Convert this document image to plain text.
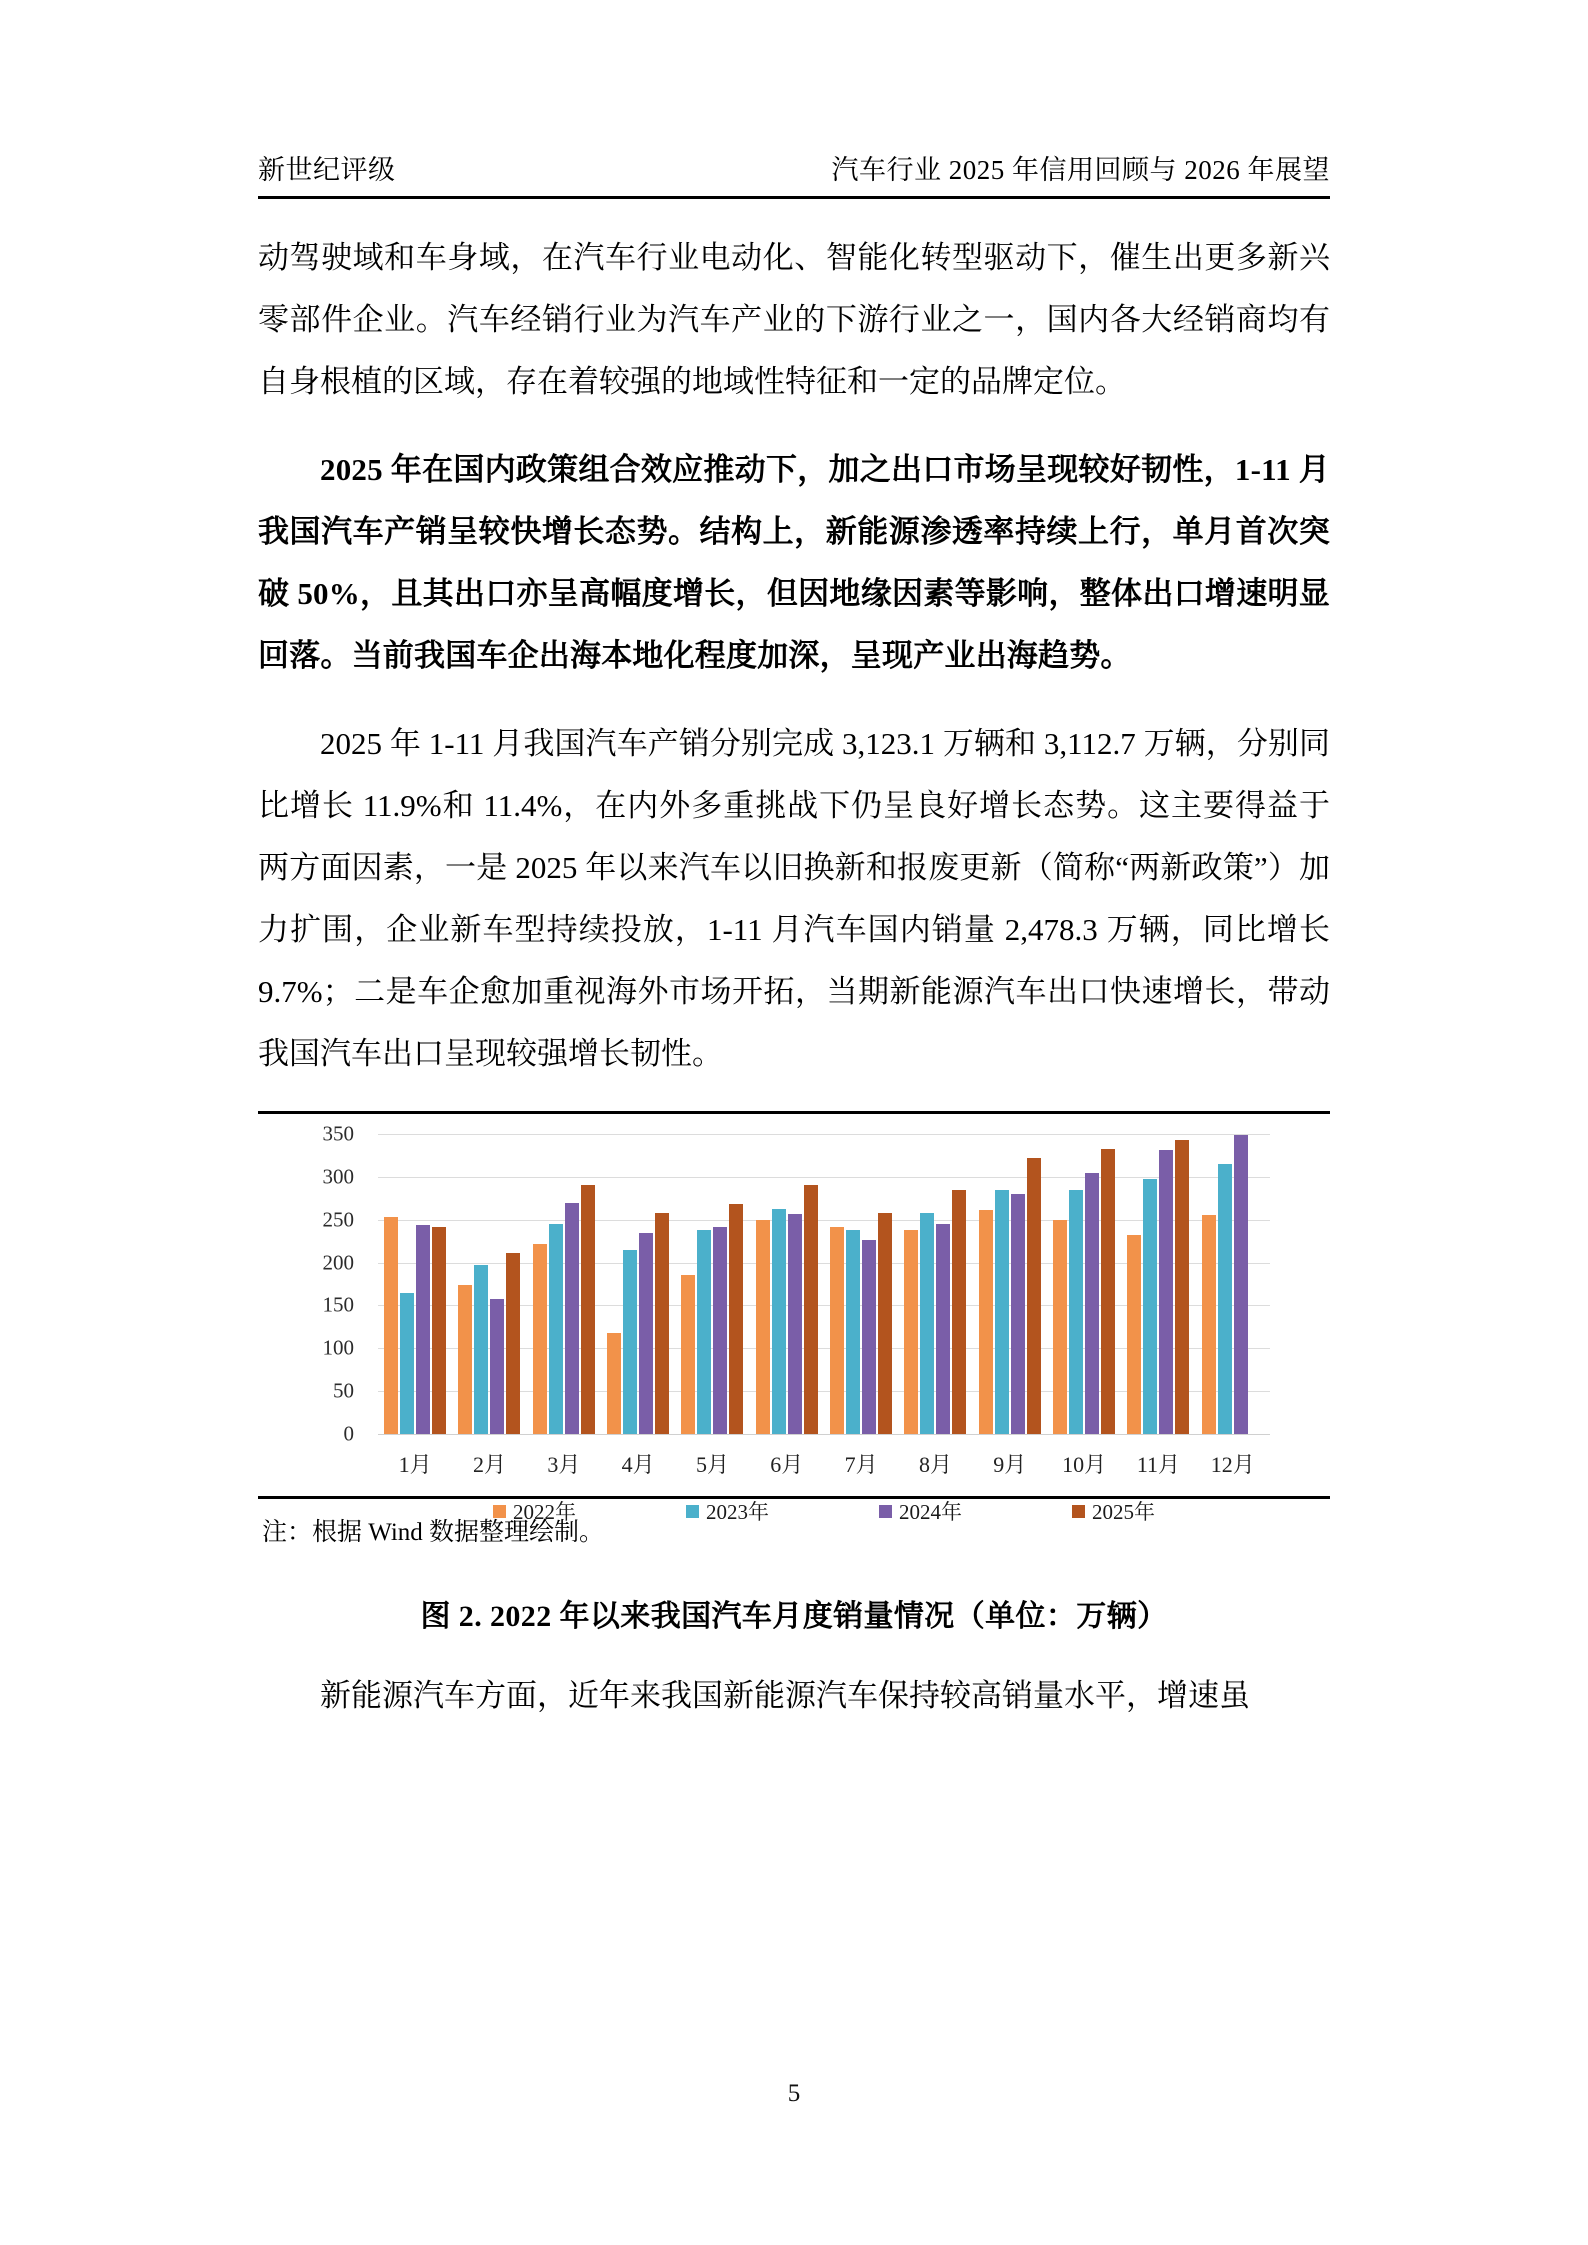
新世纪评级	汽车行业 2025 年信用回顾与 2026 年展望

动驾驶域和车身域，在汽车行业电动化、智能化转型驱动下，催生出更多新兴零部件企业。汽车经销行业为汽车产业的下游行业之一，国内各大经销商均有自身根植的区域，存在着较强的地域性特征和一定的品牌定位。

2025 年在国内政策组合效应推动下，加之出口市场呈现较好韧性，1-11 月我国汽车产销呈较快增长态势。结构上，新能源渗透率持续上行，单月首次突破 50%，且其出口亦呈高幅度增长，但因地缘因素等影响，整体出口增速明显回落。当前我国车企出海本地化程度加深，呈现产业出海趋势。

2025 年 1-11 月我国汽车产销分别完成 3,123.1 万辆和 3,112.7 万辆，分别同比增长 11.9%和 11.4%，在内外多重挑战下仍呈良好增长态势。这主要得益于两方面因素，一是 2025 年以来汽车以旧换新和报废更新（简称“两新政策”）加力扩围，企业新车型持续投放，1-11 月汽车国内销量 2,478.3 万辆，同比增长 9.7%；二是车企愈加重视海外市场开拓，当期新能源汽车出口快速增长，带动我国汽车出口呈现较强增长韧性。

0
50
100
150
200
250
300
350
1月	2月	3月	4月	5月	6月	7月	8月	9月	10月	11月	12月
2022年	2023年	2024年	2025年
注：根据 Wind 数据整理绘制。
图 2. 2022 年以来我国汽车月度销量情况（单位：万辆）

新能源汽车方面，近年来我国新能源汽车保持较高销量水平，增速虽

5
